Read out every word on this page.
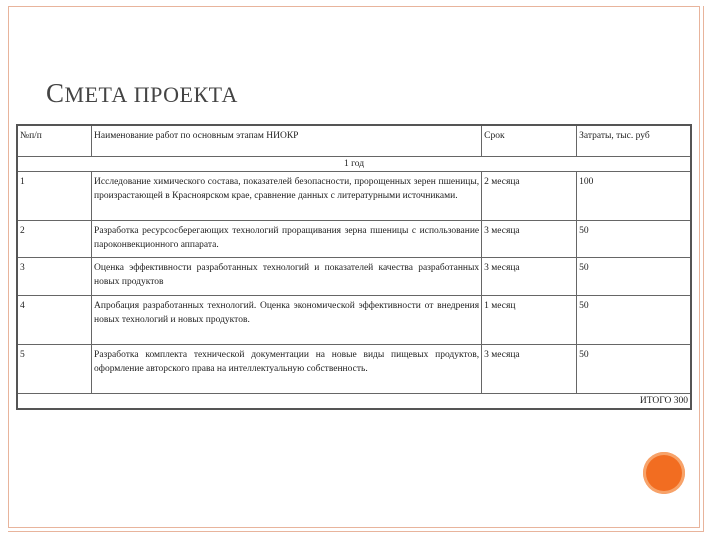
СМЕТА ПРОЕКТА
№п/п	Наименование работ по основным этапам НИОКР	Срок	Затраты, тыс. руб
1 год			
1	Исследование химического состава, показателей безопасности, пророщенных зерен пшеницы, произрастающей в Красноярском крае, сравнение данных с литературными источниками.	2 месяца	100
2	Разработка ресурсосберегающих технологий проращивания зерна пшеницы с использование пароконвекционного аппарата.	3 месяца	50
3	Оценка эффективности разработанных технологий и показателей качества разработанных новых продуктов	3 месяца	50
4	Апробация разработанных технологий. Оценка экономической эффективности от внедрения новых технологий и новых продуктов.	1 месяц	50
5	Разработка комплекта технической документации на новые виды пищевых продуктов, оформление авторского права на интеллектуальную собственность.	3 месяца	50
ИТОГО 300			
